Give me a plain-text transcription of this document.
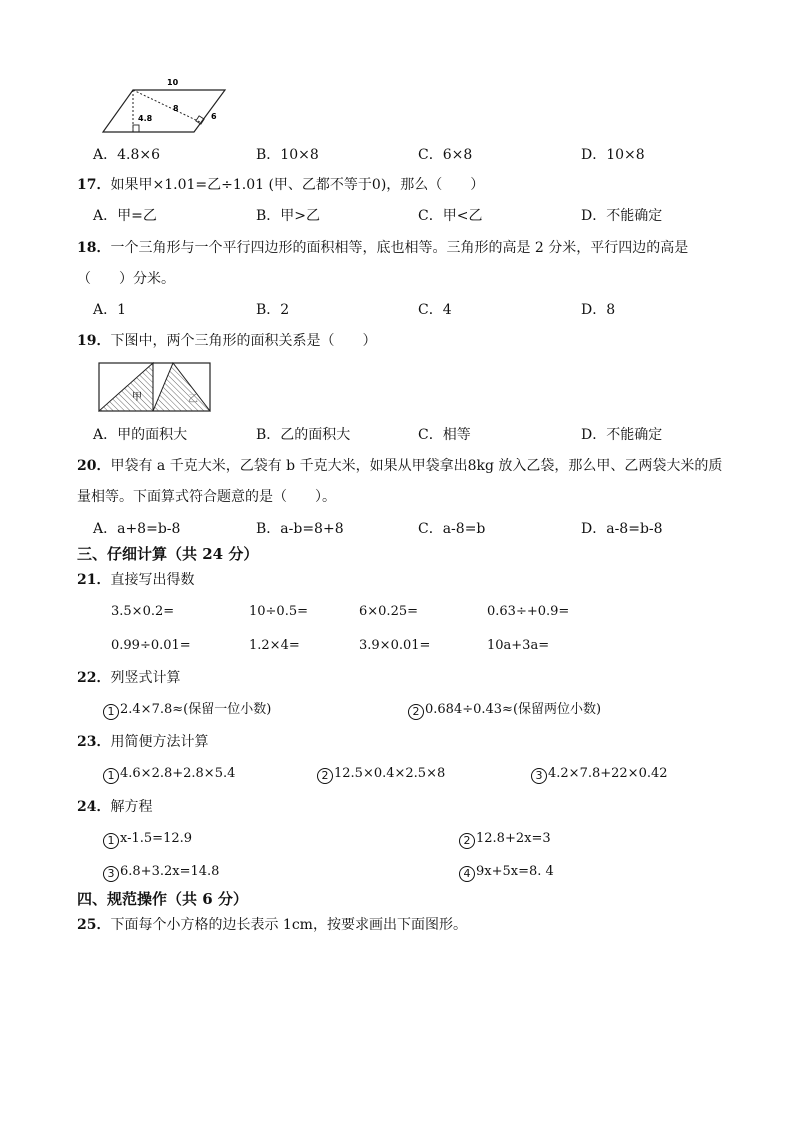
10
8
4.8	6
A．4.8×6	B．10×8	C．6×8	D．10×8
17．如果甲×1.01=乙÷1.01 (甲、乙都不等于0)，那么（　　）
A．甲=乙	B．甲>乙	C．甲<乙	D．不能确定
18．一个三角形与一个平行四边形的面积相等，底也相等。三角形的高是 2 分米，平行四边的高是
（　　）分米。
A．1	B．2	C．4	D．8
19．下图中，两个三角形的面积关系是（　　）
甲	乙
A．甲的面积大	B．乙的面积大	C．相等	D．不能确定
20．甲袋有 a 千克大米，乙袋有 b 千克大米，如果从甲袋拿出8kg 放入乙袋，那么甲、乙两袋大米的质
量相等。下面算式符合题意的是（　　）。
A．a+8=b-8	B．a-b=8+8	C．a-8=b	D．a-8=b-8
三、仔细计算（共 24 分）
21．直接写出得数
3.5×0.2=	10÷0.5=	6×0.25=	0.63÷+0.9=
0.99÷0.01=	1.2×4=	3.9×0.01=	10a+3a=
22．列竖式计算
1 2.4×7.8≈(保留一位小数)	2 0.684÷0.43≈(保留两位小数)
23．用简便方法计算
1 4.6×2.8+2.8×5.4	2 12.5×0.4×2.5×8	3 4.2×7.8+22×0.42
24．解方程
1 x-1.5=12.9	2 12.8+2x=3
3 6.8+3.2x=14.8	4 9x+5x=8. 4
四、规范操作（共 6 分）
25．下面每个小方格的边长表示 1cm，按要求画出下面图形。
